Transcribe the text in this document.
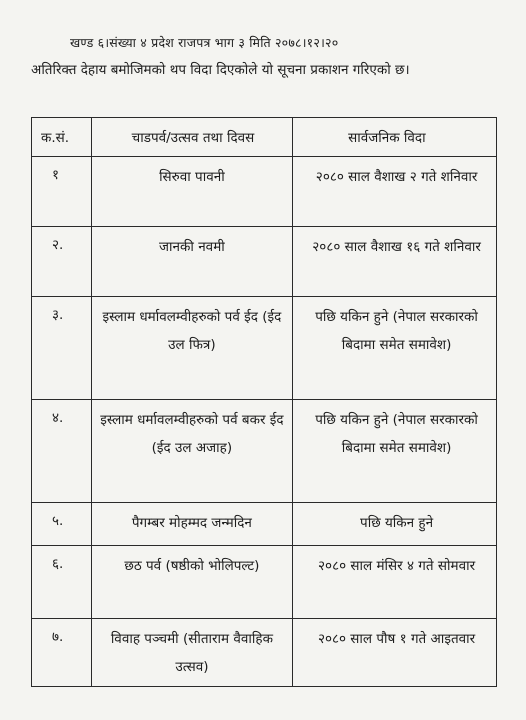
खण्ड ६।संख्या ४ प्रदेश राजपत्र भाग ३ मिति २०७८।१२।२०
अतिरिक्त देहाय बमोजिमको थप विदा दिएकोले यो सूचना प्रकाशन गरिएको छ।
क.सं.	चाडपर्व/उत्सव तथा दिवस	सार्वजनिक विदा
१	सिरुवा पावनी	२०८० साल वैशाख २ गते शनिवार
२.	जानकी नवमी	२०८० साल वैशाख १६ गते शनिवार
३.	इस्लाम धर्मावलम्वीहरुको पर्व ईद (ईद उल फित्र)	पछि यकिन हुने (नेपाल सरकारको बिदामा समेत समावेश)
४.	इस्लाम धर्मावलम्वीहरुको पर्व बकर ईद (ईद उल अजाह)	पछि यकिन हुने (नेपाल सरकारको बिदामा समेत समावेश)
५.	पैगम्बर मोहम्मद जन्मदिन	पछि यकिन हुने
६.	छठ पर्व (षष्ठीको भोलिपल्ट)	२०८० साल मंसिर ४ गते सोमवार
७.	विवाह पञ्चमी (सीताराम वैवाहिक उत्सव)	२०८० साल पौष १ गते आइतवार
